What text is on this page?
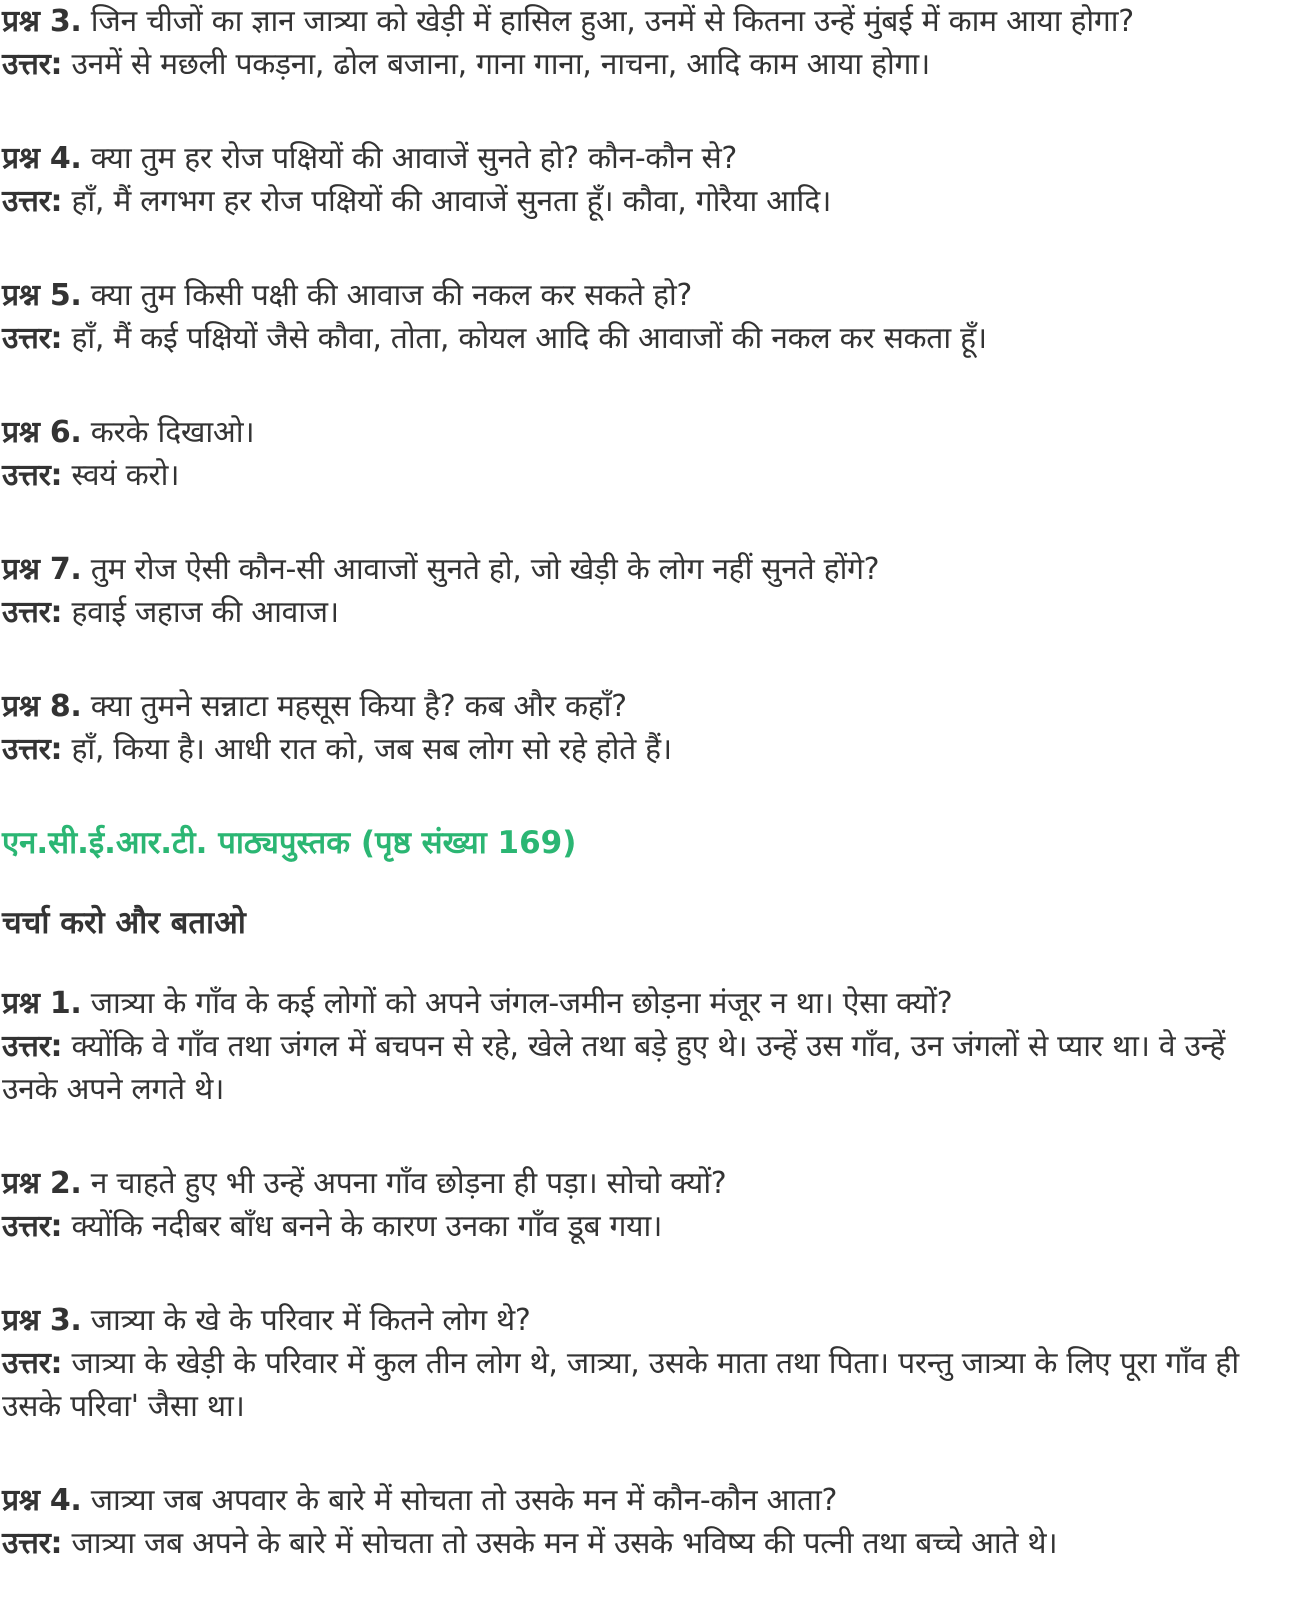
प्रश्न 3. जिन चीजों का ज्ञान जात्र्या को खेड़ी में हासिल हुआ, उनमें से कितना उन्हें मुंबई में काम आया होगा?
उत्तर: उनमें से मछली पकड़ना, ढोल बजाना, गाना गाना, नाचना, आदि काम आया होगा।
प्रश्न 4. क्या तुम हर रोज पक्षियों की आवाजें सुनते हो? कौन-कौन से?
उत्तर: हाँ, मैं लगभग हर रोज पक्षियों की आवाजें सुनता हूँ। कौवा, गोरैया आदि।
प्रश्न 5. क्या तुम किसी पक्षी की आवाज की नकल कर सकते हो?
उत्तर: हाँ, मैं कई पक्षियों जैसे कौवा, तोता, कोयल आदि की आवाजों की नकल कर सकता हूँ।
प्रश्न 6. करके दिखाओ।
उत्तर: स्वयं करो।
प्रश्न 7. तुम रोज ऐसी कौन-सी आवाजों सुनते हो, जो खेड़ी के लोग नहीं सुनते होंगे?
उत्तर: हवाई जहाज की आवाज।
प्रश्न 8. क्या तुमने सन्नाटा महसूस किया है? कब और कहाँ?
उत्तर: हाँ, किया है। आधी रात को, जब सब लोग सो रहे होते हैं।
एन.सी.ई.आर.टी. पाठ्यपुस्तक (पृष्ठ संख्या 169)
चर्चा करो और बताओ
प्रश्न 1. जात्र्या के गाँव के कई लोगों को अपने जंगल-जमीन छोड़ना मंजूर न था। ऐसा क्यों?
उत्तर: क्योंकि वे गाँव तथा जंगल में बचपन से रहे, खेले तथा बड़े हुए थे। उन्हें उस गाँव, उन जंगलों से प्यार था। वे उन्हें उनके अपने लगते थे।
प्रश्न 2. न चाहते हुए भी उन्हें अपना गाँव छोड़ना ही पड़ा। सोचो क्यों?
उत्तर: क्योंकि नदीबर बाँध बनने के कारण उनका गाँव डूब गया।
प्रश्न 3. जात्र्या के खे के परिवार में कितने लोग थे?
उत्तर: जात्र्या के खेड़ी के परिवार में कुल तीन लोग थे, जात्र्या, उसके माता तथा पिता। परन्तु जात्र्या के लिए पूरा गाँव ही उसके परिवा' जैसा था।
प्रश्न 4. जात्र्या जब अपवार के बारे में सोचता तो उसके मन में कौन-कौन आता?
उत्तर: जात्र्या जब अपने के बारे में सोचता तो उसके मन में उसके भविष्य की पत्नी तथा बच्चे आते थे।
